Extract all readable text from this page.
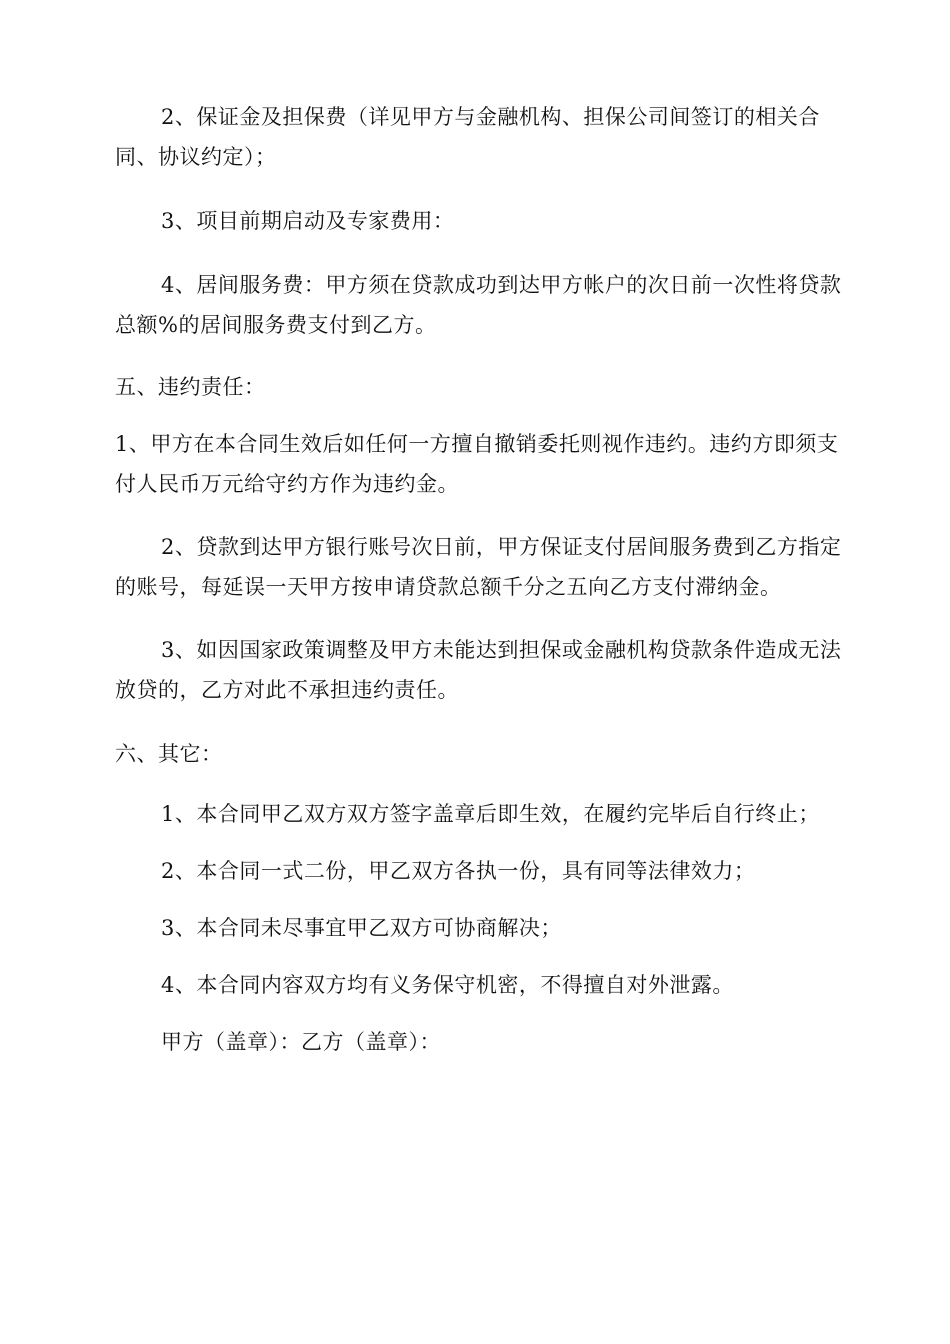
2、保证金及担保费（详见甲方与金融机构、担保公司间签订的相关合同、协议约定）；

3、项目前期启动及专家费用：

4、居间服务费：甲方须在贷款成功到达甲方帐户的次日前一次性将贷款总额%的居间服务费支付到乙方。

五、违约责任：

1、甲方在本合同生效后如任何一方擅自撤销委托则视作违约。违约方即须支付人民币万元给守约方作为违约金。

2、贷款到达甲方银行账号次日前，甲方保证支付居间服务费到乙方指定的账号，每延误一天甲方按申请贷款总额千分之五向乙方支付滞纳金。

3、如因国家政策调整及甲方未能达到担保或金融机构贷款条件造成无法放贷的，乙方对此不承担违约责任。

六、其它：

1、本合同甲乙双方双方签字盖章后即生效，在履约完毕后自行终止；

2、本合同一式二份，甲乙双方各执一份，具有同等法律效力；

3、本合同未尽事宜甲乙双方可协商解决；

4、本合同内容双方均有义务保守机密，不得擅自对外泄露。

甲方（盖章）：乙方（盖章）：
